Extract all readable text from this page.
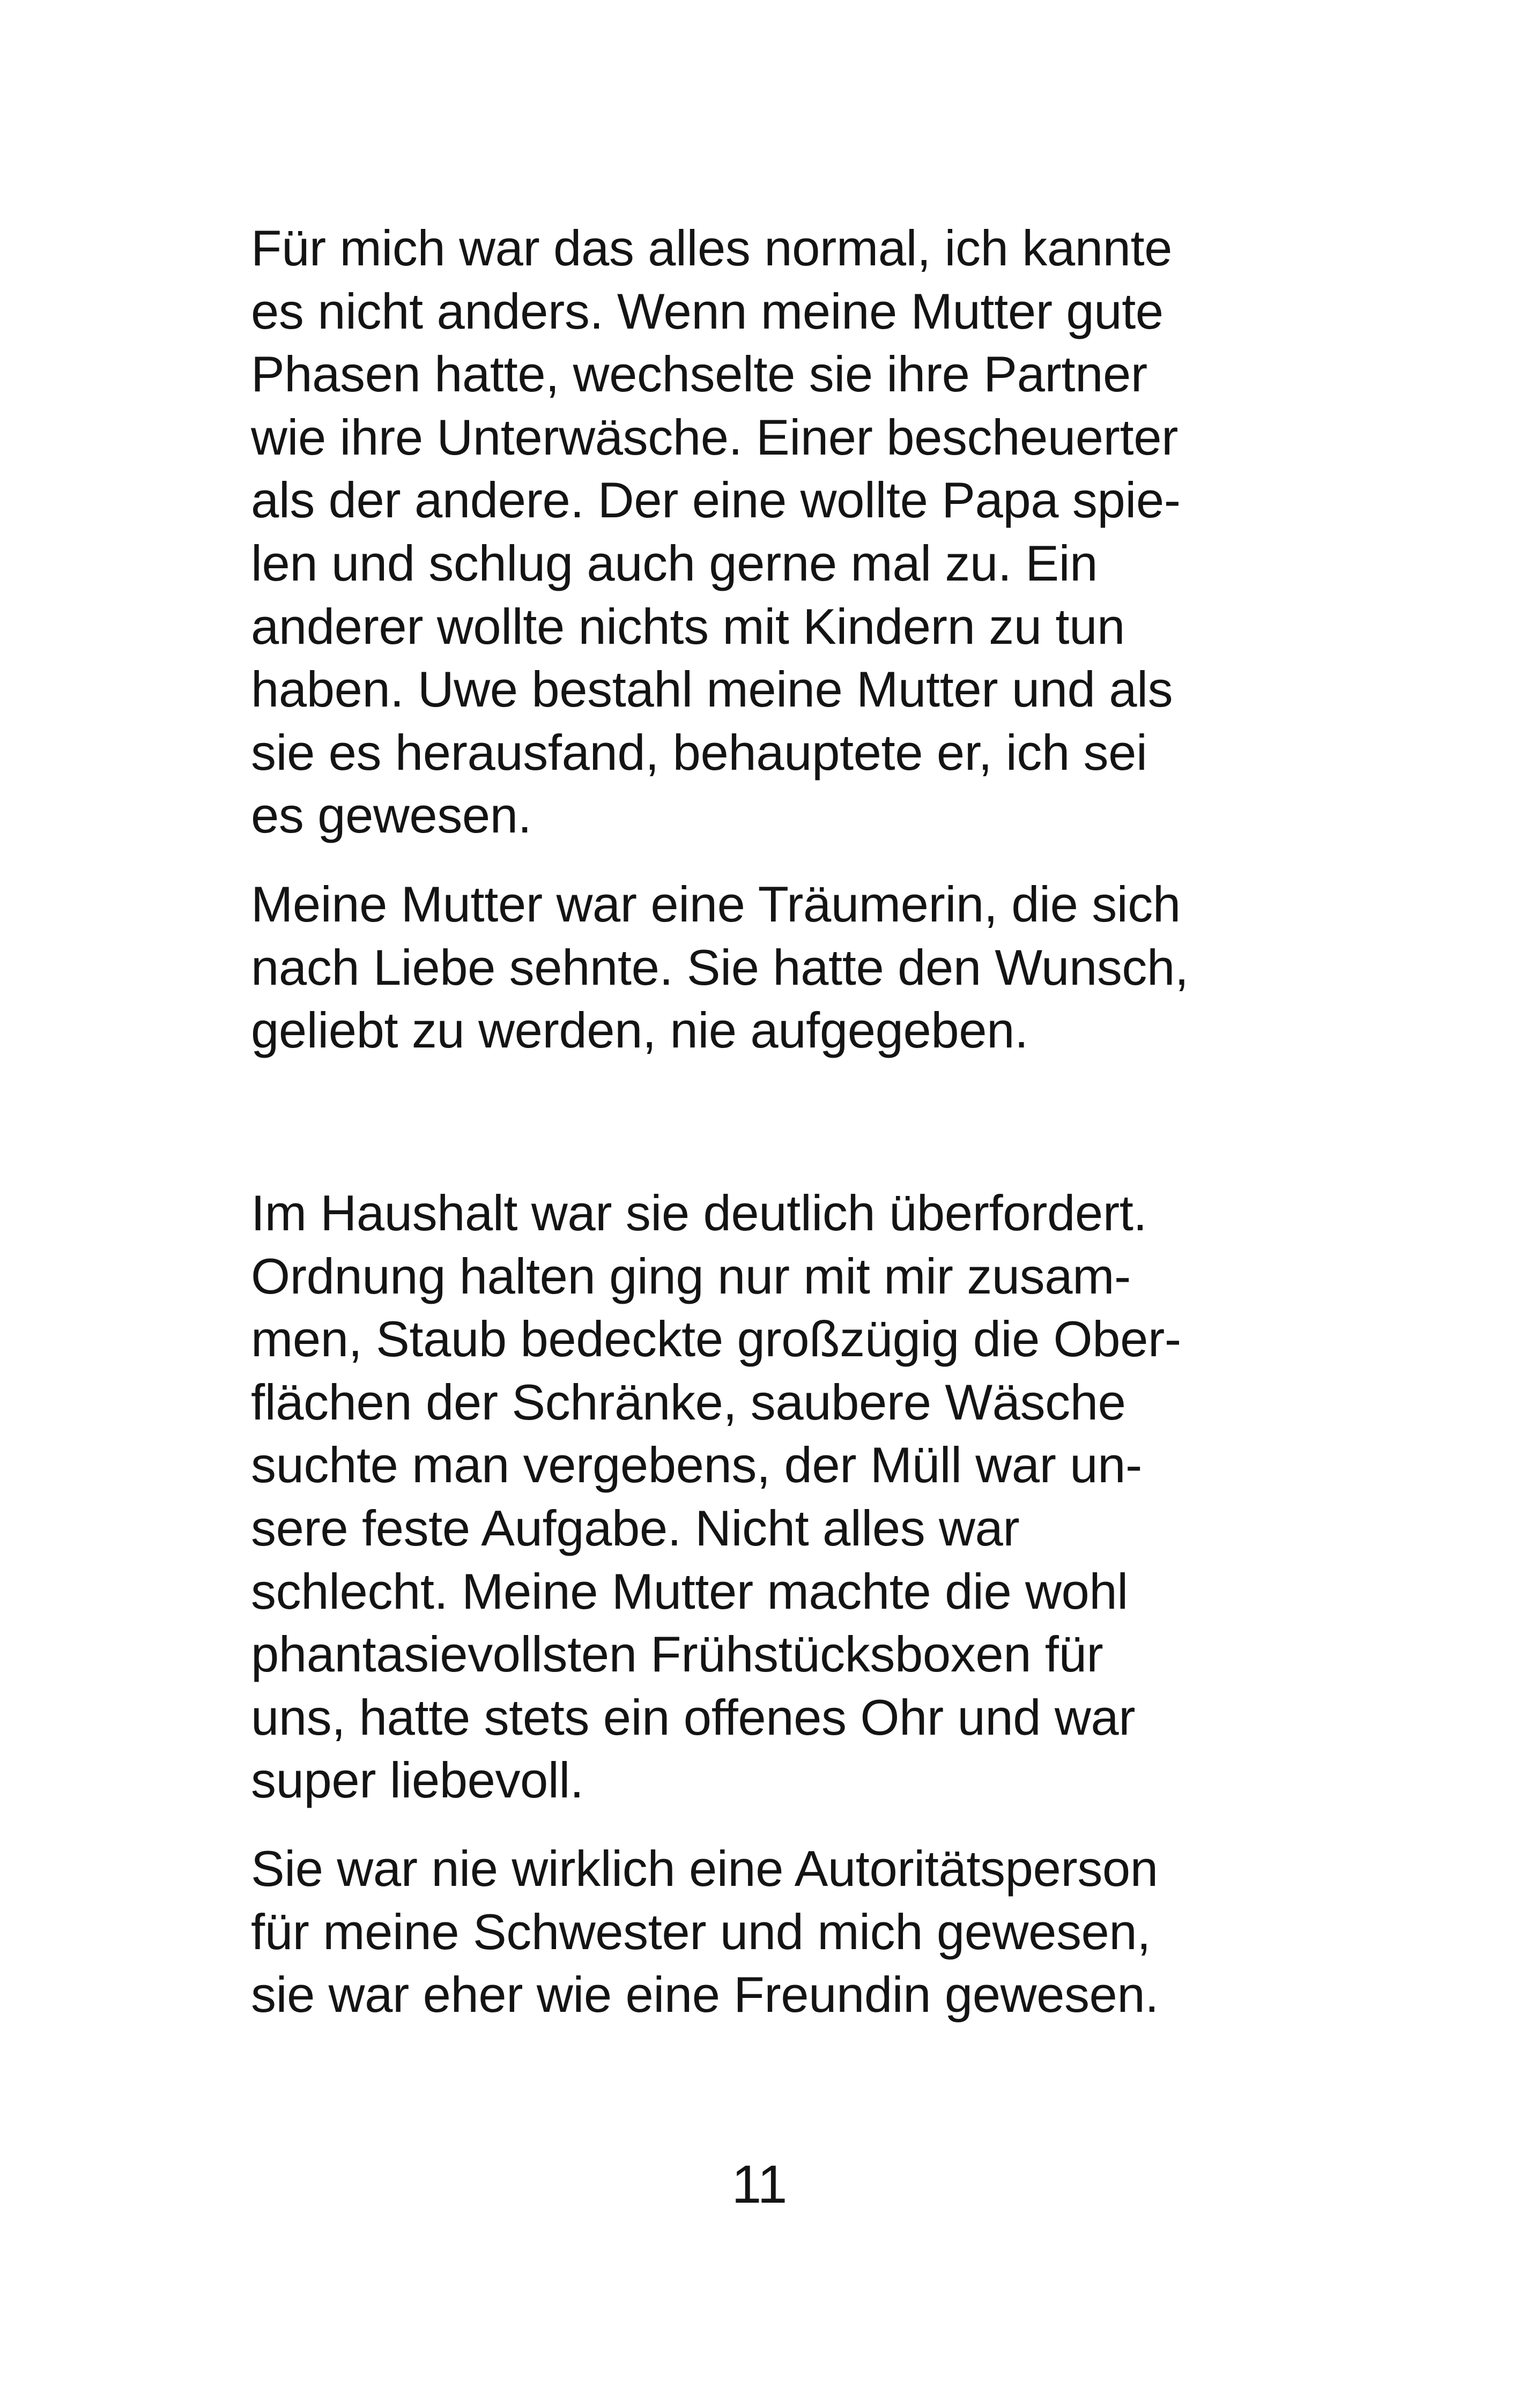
Für mich war das alles normal, ich kannte
es nicht anders. Wenn meine Mutter gute
Phasen hatte, wechselte sie ihre Partner
wie ihre Unterwäsche. Einer bescheuerter
als der andere. Der eine wollte Papa spie-
len und schlug auch gerne mal zu. Ein
anderer wollte nichts mit Kindern zu tun
haben. Uwe bestahl meine Mutter und als
sie es herausfand, behauptete er, ich sei
es gewesen.
Meine Mutter war eine Träumerin, die sich
nach Liebe sehnte. Sie hatte den Wunsch,
geliebt zu werden, nie aufgegeben.
Im Haushalt war sie deutlich überfordert.
Ordnung halten ging nur mit mir zusam-
men, Staub bedeckte großzügig die Ober-
flächen der Schränke, saubere Wäsche
suchte man vergebens, der Müll war un-
sere feste Aufgabe. Nicht alles war
schlecht. Meine Mutter machte die wohl
phantasievollsten Frühstücksboxen für
uns, hatte stets ein offenes Ohr und war
super liebevoll.
Sie war nie wirklich eine Autoritätsperson
für meine Schwester und mich gewesen,
sie war eher wie eine Freundin gewesen.
11
